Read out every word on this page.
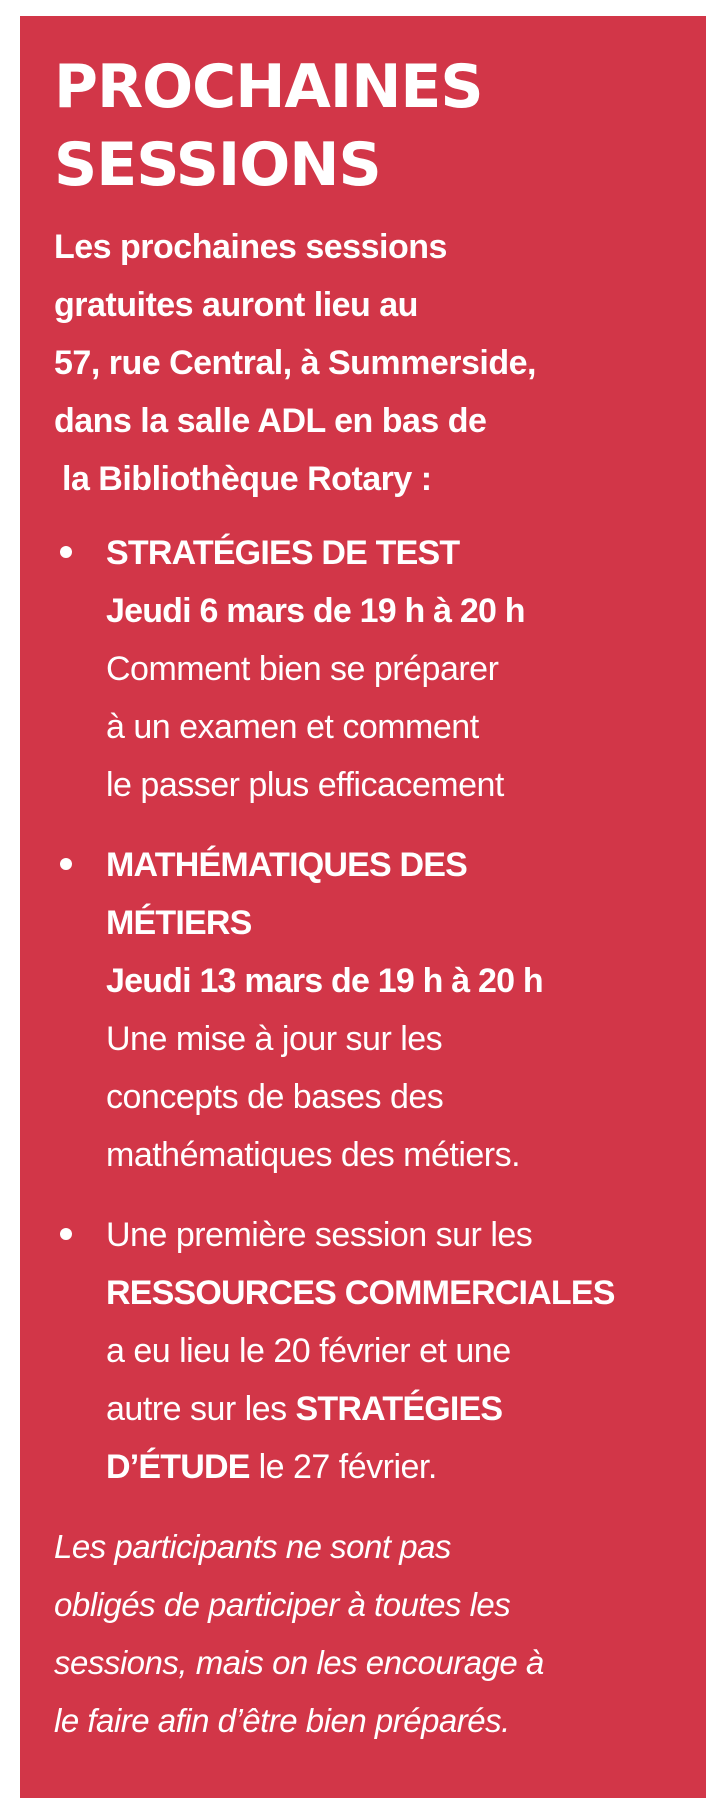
PROCHAINES
SESSIONS

Les prochaines sessions
gratuites auront lieu au
57, rue Central, à Summerside,
dans la salle ADL en bas de
la Bibliothèque Rotary :

STRATÉGIES DE TEST
Jeudi 6 mars de 19 h à 20 h
Comment bien se préparer
à un examen et comment
le passer plus efficacement
MATHÉMATIQUES DES
MÉTIERS
Jeudi 13 mars de 19 h à 20 h
Une mise à jour sur les
concepts de bases des
mathématiques des métiers.
Une première session sur les
RESSOURCES COMMERCIALES
a eu lieu le 20 février et une
autre sur les STRATÉGIES
D’ÉTUDE le 27 février.

Les participants ne sont pas
obligés de participer à toutes les
sessions, mais on les encourage à
le faire afin d’être bien préparés.
